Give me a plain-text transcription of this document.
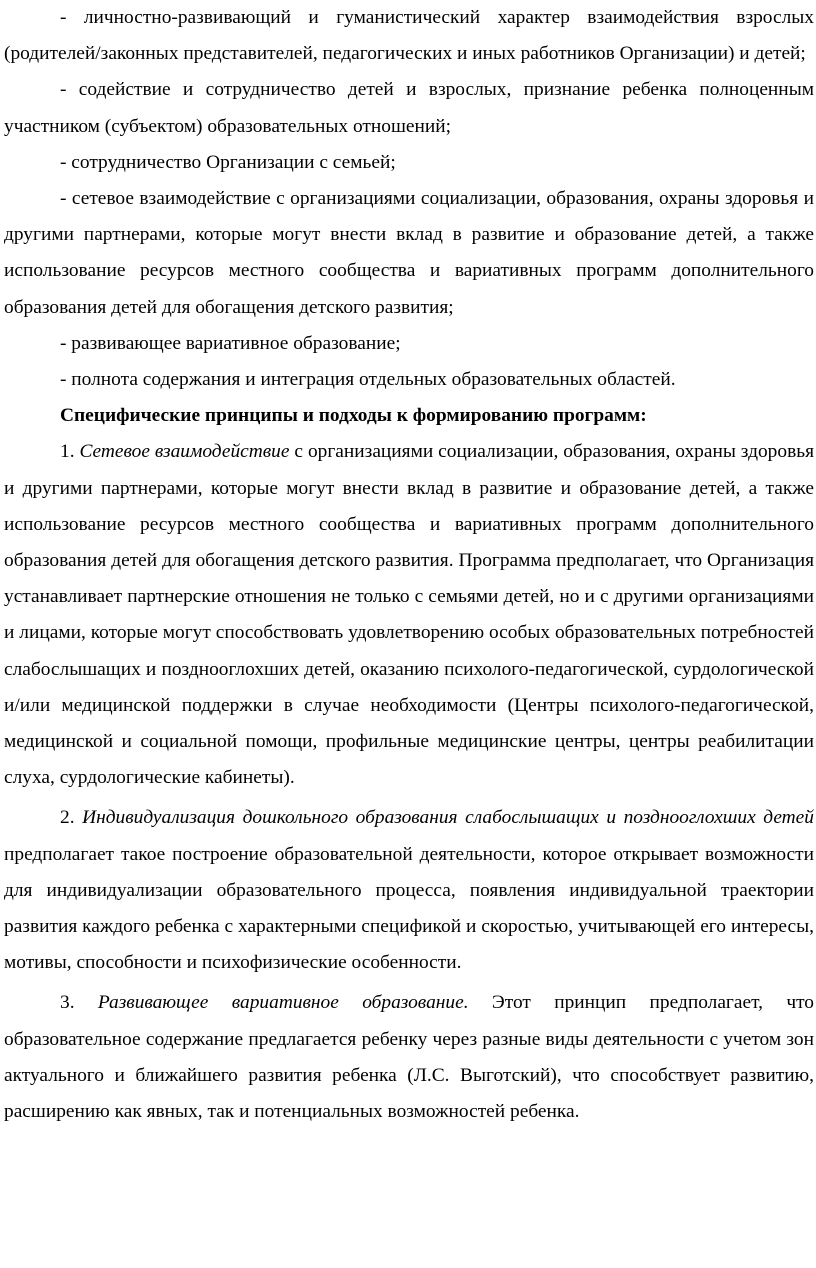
- личностно-развивающий и гуманистический характер взаимодействия взрослых (родителей/законных представителей, педагогических и иных работников Организации) и детей;

- содействие и сотрудничество детей и взрослых, признание ребенка полноценным участником (субъектом) образовательных отношений;

- сотрудничество Организации с семьей;

- сетевое взаимодействие с организациями социализации, образования, охраны здоровья и другими партнерами, которые могут внести вклад в развитие и образование детей, а также использование ресурсов местного сообщества и вариативных программ дополнительного образования детей для обогащения детского развития;

- развивающее вариативное образование;

- полнота содержания и интеграция отдельных образовательных областей.

Специфические принципы и подходы к формированию программ:

1. Сетевое взаимодействие с организациями социализации, образования, охраны здоровья и другими партнерами, которые могут внести вклад в развитие и образование детей, а также использование ресурсов местного сообщества и вариативных программ дополнительного образования детей для обогащения детского развития. Программа предполагает, что Организация устанавливает партнерские отношения не только с семьями детей, но и с другими организациями и лицами, которые могут способствовать удовлетворению особых образовательных потребностей слабослышащих и позднооглохших детей, оказанию психолого-педагогической, сурдологической и/или медицинской поддержки в случае необходимости (Центры психолого-педагогической, медицинской и социальной помощи, профильные медицинские центры, центры реабилитации слуха, сурдологические кабинеты).

2. Индивидуализация дошкольного образования слабослышащих и позднооглохших детей предполагает такое построение образовательной деятельности, которое открывает возможности для индивидуализации образовательного процесса, появления индивидуальной траектории развития каждого ребенка с характерными спецификой и скоростью, учитывающей его интересы, мотивы, способности и психофизические особенности.

3. Развивающее вариативное образование. Этот принцип предполагает, что образовательное содержание предлагается ребенку через разные виды деятельности с учетом зон актуального и ближайшего развития ребенка (Л.С. Выготский), что способствует развитию, расширению как явных, так и потенциальных возможностей ребенка.
